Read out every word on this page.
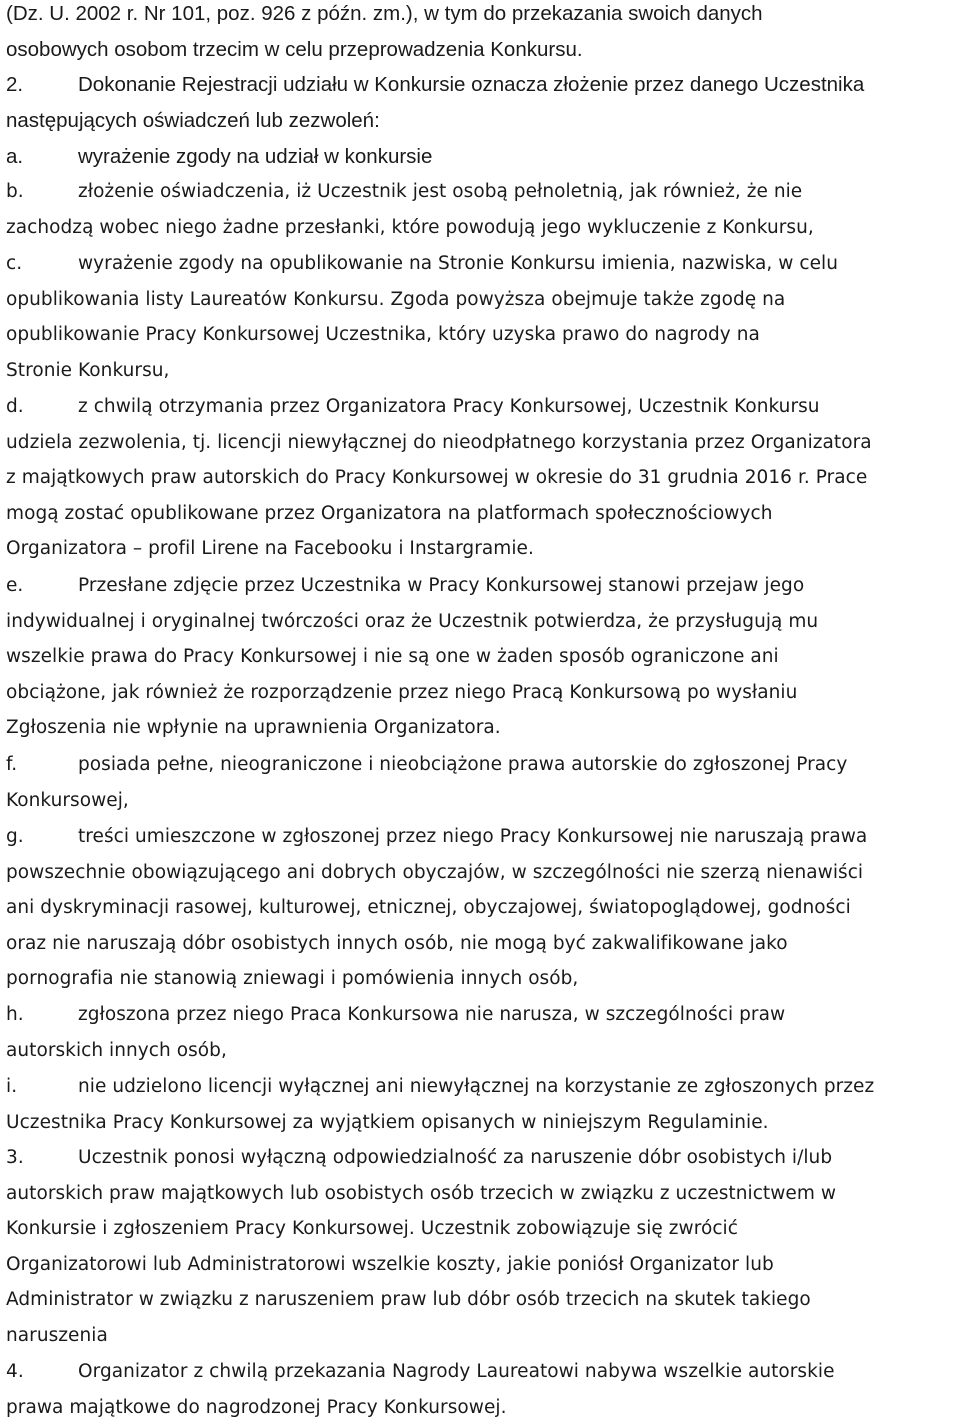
(Dz. U. 2002 r. Nr 101, poz. 926 z późn. zm.), w tym do przekazania swoich danych
osobowych osobom trzecim w celu przeprowadzenia Konkursu.
2.	Dokonanie Rejestracji udziału w Konkursie oznacza złożenie przez danego Uczestnika
następujących oświadczeń lub zezwoleń:
a.	wyrażenie zgody na udział w konkursie
b.	złożenie oświadczenia, iż Uczestnik jest osobą pełnoletnią, jak również, że nie
zachodzą wobec niego żadne przesłanki, które powodują jego wykluczenie z Konkursu,
c.	wyrażenie zgody na opublikowanie na Stronie Konkursu imienia, nazwiska, w celu
opublikowania listy Laureatów Konkursu. Zgoda powyższa obejmuje także zgodę na
opublikowanie Pracy Konkursowej Uczestnika, który uzyska prawo do nagrody na
Stronie Konkursu,
d.	z chwilą otrzymania przez Organizatora Pracy Konkursowej, Uczestnik Konkursu
udziela zezwolenia, tj. licencji niewyłącznej do nieodpłatnego korzystania przez Organizatora
z majątkowych praw autorskich do Pracy Konkursowej w okresie do 31 grudnia 2016 r. Prace
mogą zostać opublikowane przez Organizatora na platformach społecznościowych
Organizatora – profil Lirene na Facebooku i Instargramie.
e.	Przesłane zdjęcie przez Uczestnika w Pracy Konkursowej stanowi przejaw jego
indywidualnej i oryginalnej twórczości oraz że Uczestnik potwierdza, że przysługują mu
wszelkie prawa do Pracy Konkursowej i nie są one w żaden sposób ograniczone ani
obciążone, jak również że rozporządzenie przez niego Pracą Konkursową po wysłaniu
Zgłoszenia nie wpłynie na uprawnienia Organizatora.
f.	posiada pełne, nieograniczone i nieobciążone prawa autorskie do zgłoszonej Pracy
Konkursowej,
g.	treści umieszczone w zgłoszonej przez niego Pracy Konkursowej nie naruszają prawa
powszechnie obowiązującego ani dobrych obyczajów, w szczególności nie szerzą nienawiści
ani dyskryminacji rasowej, kulturowej, etnicznej, obyczajowej, światopoglądowej, godności
oraz nie naruszają dóbr osobistych innych osób, nie mogą być zakwalifikowane jako
pornografia nie stanowią zniewagi i pomówienia innych osób,
h.	zgłoszona przez niego Praca Konkursowa nie narusza, w szczególności praw
autorskich innych osób,
i.	nie udzielono licencji wyłącznej ani niewyłącznej na korzystanie ze zgłoszonych przez
Uczestnika Pracy Konkursowej za wyjątkiem opisanych w niniejszym Regulaminie.
3.	Uczestnik ponosi wyłączną odpowiedzialność za naruszenie dóbr osobistych i/lub
autorskich praw majątkowych lub osobistych osób trzecich w związku z uczestnictwem w
Konkursie i zgłoszeniem Pracy Konkursowej. Uczestnik zobowiązuje się zwrócić
Organizatorowi lub Administratorowi wszelkie koszty, jakie poniósł Organizator lub
Administrator w związku z naruszeniem praw lub dóbr osób trzecich na skutek takiego
naruszenia
4.	Organizator z chwilą przekazania Nagrody Laureatowi nabywa wszelkie autorskie
prawa majątkowe do nagrodzonej Pracy Konkursowej.
